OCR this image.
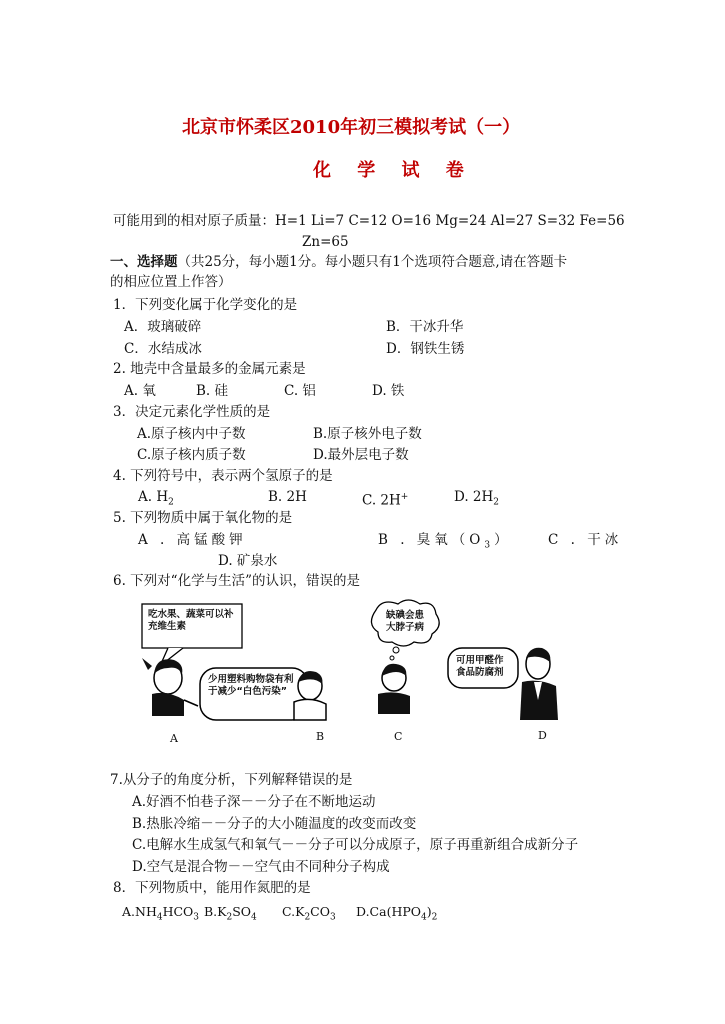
北京市怀柔区2010年初三模拟考试（一）
化 学 试 卷
可能用到的相对原子质量：H=1 Li=7 C=12 O=16 Mg=24 Al=27 S=32 Fe=56
Zn=65
一、选择题（共25分，每小题1分。每小题只有1个选项符合题意,请在答题卡
的相应位置上作答）
1．下列变化属于化学变化的是
A．玻璃破碎	B．干冰升华
C．水结成冰	D．钢铁生锈
2. 地壳中含量最多的金属元素是
A. 氧	B. 硅	C. 铝	D. 铁
3．决定元素化学性质的是
A.原子核内中子数	B.原子核外电子数
C.原子核内质子数	D.最外层电子数
4. 下列符号中，表示两个氢原子的是
A. $H_2$	B. 2H	C. 2H+	D. $2H_2$
5. 下列物质中属于氧化物的是
A . 高锰酸钾	B . 臭氧$(O_3)$	C . 干冰
D. 矿泉水
6. 下列对“化学与生活”的认识，错误的是
吃水果、蔬菜可以补充维生素
少用塑料购物袋有利于减少“白色污染”
缺碘会患大脖子病
可用甲醛作食品防腐剂
A	B	C	D
7.从分子的角度分析，下列解释错误的是
A.好酒不怕巷子深－－分子在不断地运动
B.热胀冷缩－－分子的大小随温度的改变而改变
C.电解水生成氢气和氧气－－分子可以分成原子，原子再重新组合成新分子
D.空气是混合物－－空气由不同种分子构成
8．下列物质中，能用作氮肥的是
$A.NH_4HCO_3$ $B.K_2SO_4$ $C.K_2CO_3$ $D.Ca(HPO_4)_2$
